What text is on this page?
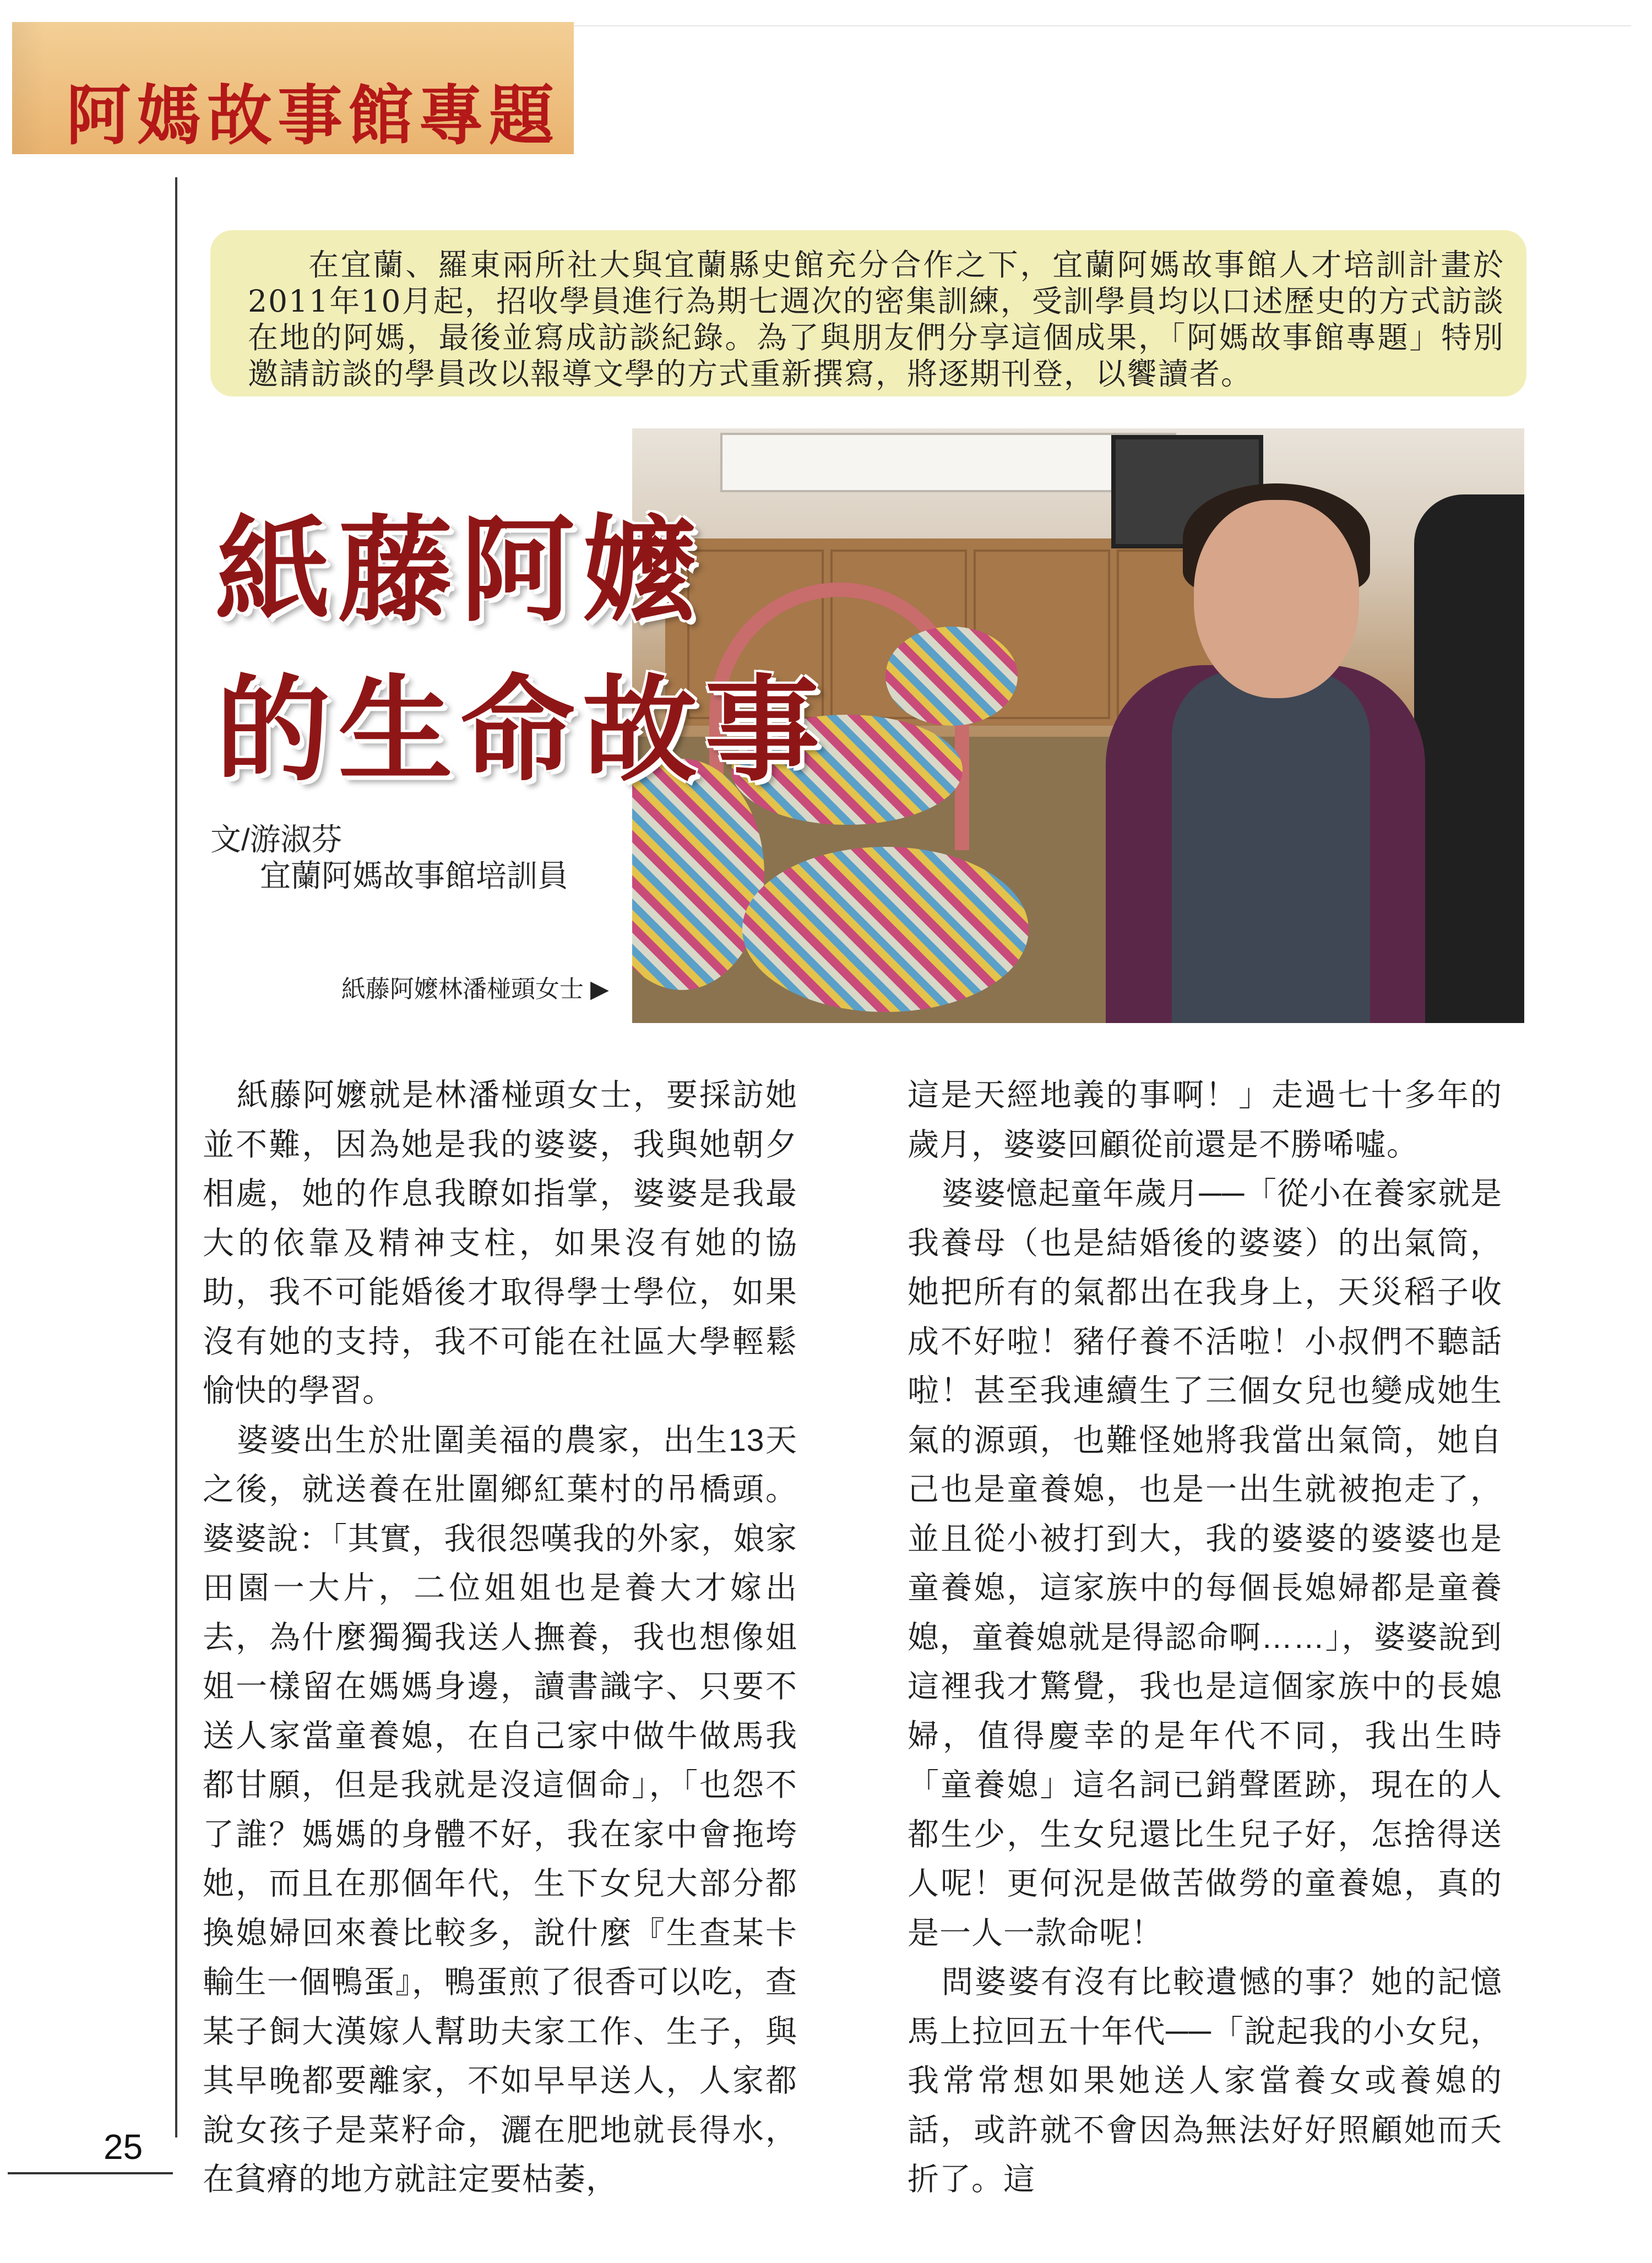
阿媽故事館專題

在宜蘭、羅東兩所社大與宜蘭縣史館充分合作之下，宜蘭阿媽故事館人才培訓計畫於2011年10月起，招收學員進行為期七週次的密集訓練，受訓學員均以口述歷史的方式訪談在地的阿媽，最後並寫成訪談紀錄。為了與朋友們分享這個成果，「阿媽故事館專題」特別邀請訪談的學員改以報導文學的方式重新撰寫，將逐期刊登，以饗讀者。

紙藤阿嬤
的生命故事
文/游淑芬
宜蘭阿媽故事館培訓員
紙藤阿嬤林潘椪頭女士 ▶

紙藤阿嬤就是林潘椪頭女士，要採訪她並不難，因為她是我的婆婆，我與她朝夕相處，她的作息我瞭如指掌，婆婆是我最大的依靠及精神支柱，如果沒有她的協助，我不可能婚後才取得學士學位，如果沒有她的支持，我不可能在社區大學輕鬆愉快的學習。

婆婆出生於壯圍美福的農家，出生13天之後，就送養在壯圍鄉紅葉村的吊橋頭。婆婆說：「其實，我很怨嘆我的外家，娘家田園一大片，二位姐姐也是養大才嫁出去，為什麼獨獨我送人撫養，我也想像姐姐一樣留在媽媽身邊，讀書識字、只要不送人家當童養媳，在自己家中做牛做馬我都甘願，但是我就是沒這個命」，「也怨不了誰？媽媽的身體不好，我在家中會拖垮她，而且在那個年代，生下女兒大部分都換媳婦回來養比較多，說什麼『生查某卡輸生一個鴨蛋』，鴨蛋煎了很香可以吃，查某子飼大漢嫁人幫助夫家工作、生子，與其早晚都要離家，不如早早送人，人家都說女孩子是菜籽命，灑在肥地就長得水，在貧瘠的地方就註定要枯萎，

這是天經地義的事啊！」走過七十多年的歲月，婆婆回顧從前還是不勝唏噓。

婆婆憶起童年歲月──「從小在養家就是我養母（也是結婚後的婆婆）的出氣筒，她把所有的氣都出在我身上，天災稻子收成不好啦！豬仔養不活啦！小叔們不聽話啦！甚至我連續生了三個女兒也變成她生氣的源頭，也難怪她將我當出氣筒，她自己也是童養媳，也是一出生就被抱走了，並且從小被打到大，我的婆婆的婆婆也是童養媳，這家族中的每個長媳婦都是童養媳，童養媳就是得認命啊……」，婆婆說到這裡我才驚覺，我也是這個家族中的長媳婦，值得慶幸的是年代不同，我出生時「童養媳」這名詞已銷聲匿跡，現在的人都生少，生女兒還比生兒子好，怎捨得送人呢！更何況是做苦做勞的童養媳，真的是一人一款命呢！

問婆婆有沒有比較遺憾的事？她的記憶馬上拉回五十年代──「說起我的小女兒，我常常想如果她送人家當養女或養媳的話，或許就不會因為無法好好照顧她而夭折了。這

25
